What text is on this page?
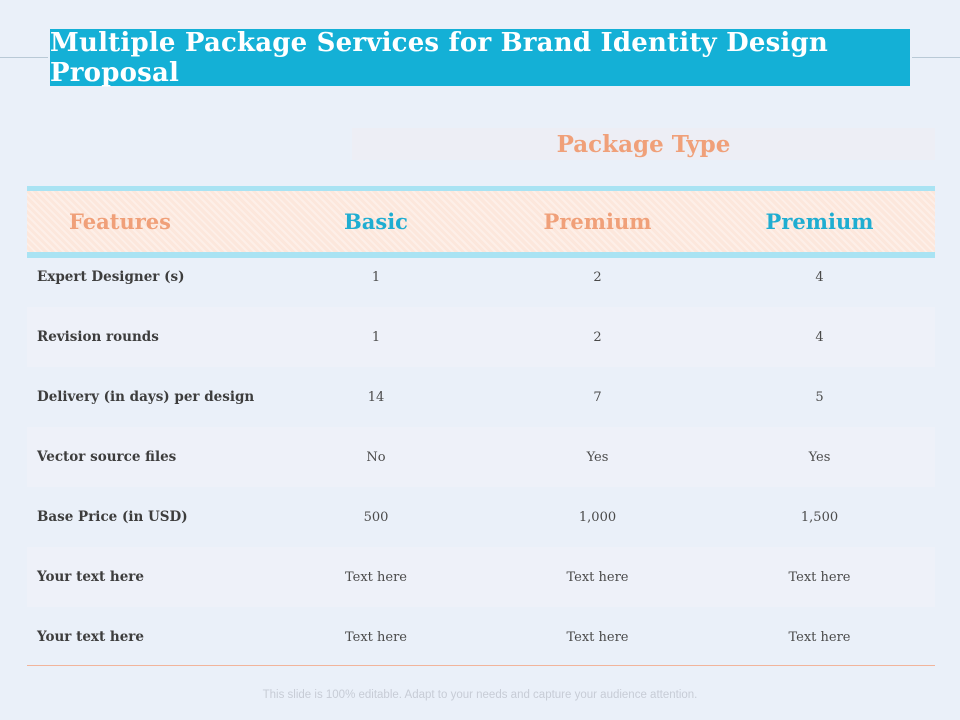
Multiple Package Services for Brand Identity Design Proposal
Package Type
Features	Basic	Premium	Premium
Expert Designer (s)	1	2	4
Revision rounds	1	2	4
Delivery (in days) per design	14	7	5
Vector source files	No	Yes	Yes
Base Price (in USD)	500	1,000	1,500
Your text here	Text here	Text here	Text here
Your text here	Text here	Text here	Text here
This slide is 100% editable. Adapt to your needs and capture your audience attention.
